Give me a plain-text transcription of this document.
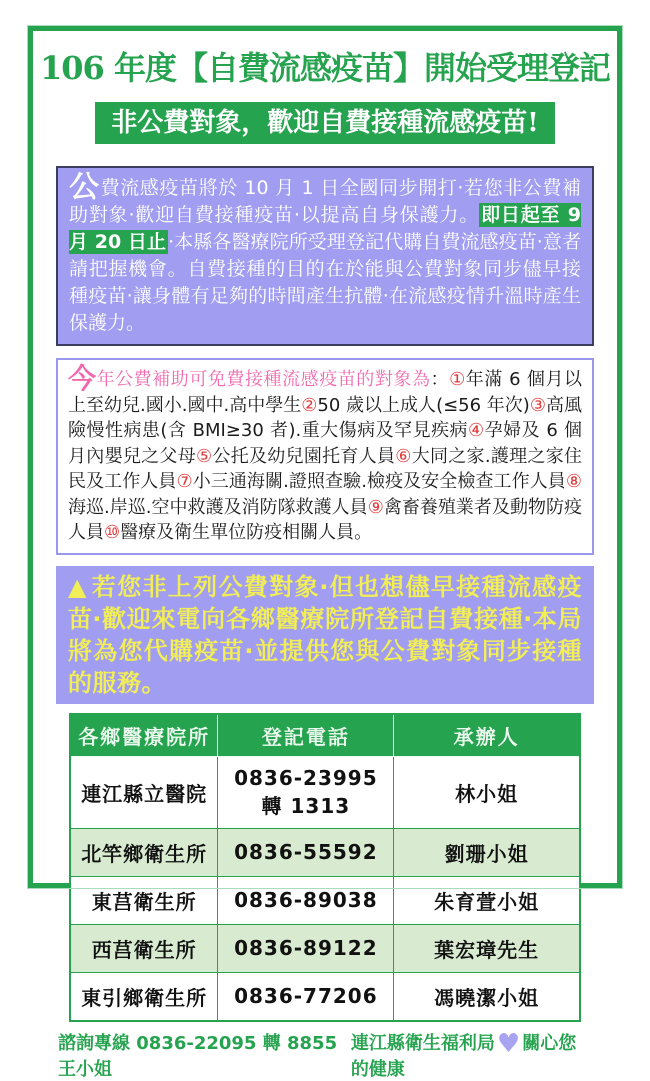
106 年度【自費流感疫苗】開始受理登記
非公費對象，歡迎自費接種流感疫苗!

公費流感疫苗將於 10 月 1 日全國同步開打‧若您非公費補助對象‧歡迎自費接種疫苗‧以提高自身保護力。 即日起至 9 月 20 日止 ‧本縣各醫療院所受理登記代購自費流感疫苗‧意者請把握機會。自費接種的目的在於能與公費對象同步儘早接種疫苗‧讓身體有足夠的時間產生抗體‧在流感疫情升溫時產生保護力。

今年公費補助可免費接種流感疫苗的對象為：①年滿 6 個月以上至幼兒.國小.國中.高中學生②50 歲以上成人(≤56 年次)③高風險慢性病患(含 BMI≥30 者).重大傷病及罕見疾病④孕婦及 6 個月內嬰兒之父母⑤公托及幼兒園托育人員⑥大同之家.護理之家住民及工作人員⑦小三通海關.證照查驗.檢疫及安全檢查工作人員⑧海巡.岸巡.空中救護及消防隊救護人員⑨禽畜養殖業者及動物防疫人員⑩醫療及衛生單位防疫相關人員。

▲ 若您非上列公費對象‧但也想儘早接種流感疫苗‧歡迎來電向各鄉醫療院所登記自費接種‧本局將為您代購疫苗‧並提供您與公費對象同步接種的服務。

各鄉醫療院所	登記電話	承辦人
連江縣立醫院	0836-23995 轉 1313	林小姐
北竿鄉衛生所	0836-55592	劉珊小姐
東莒衛生所	0836-89038	朱育萱小姐
西莒衛生所	0836-89122	葉宏璋先生
東引鄉衛生所	0836-77206	馮曉潔小姐
諮詢專線 0836-22095 轉 8855 王小姐
連江縣衛生福利局♥ 關心您的健康
